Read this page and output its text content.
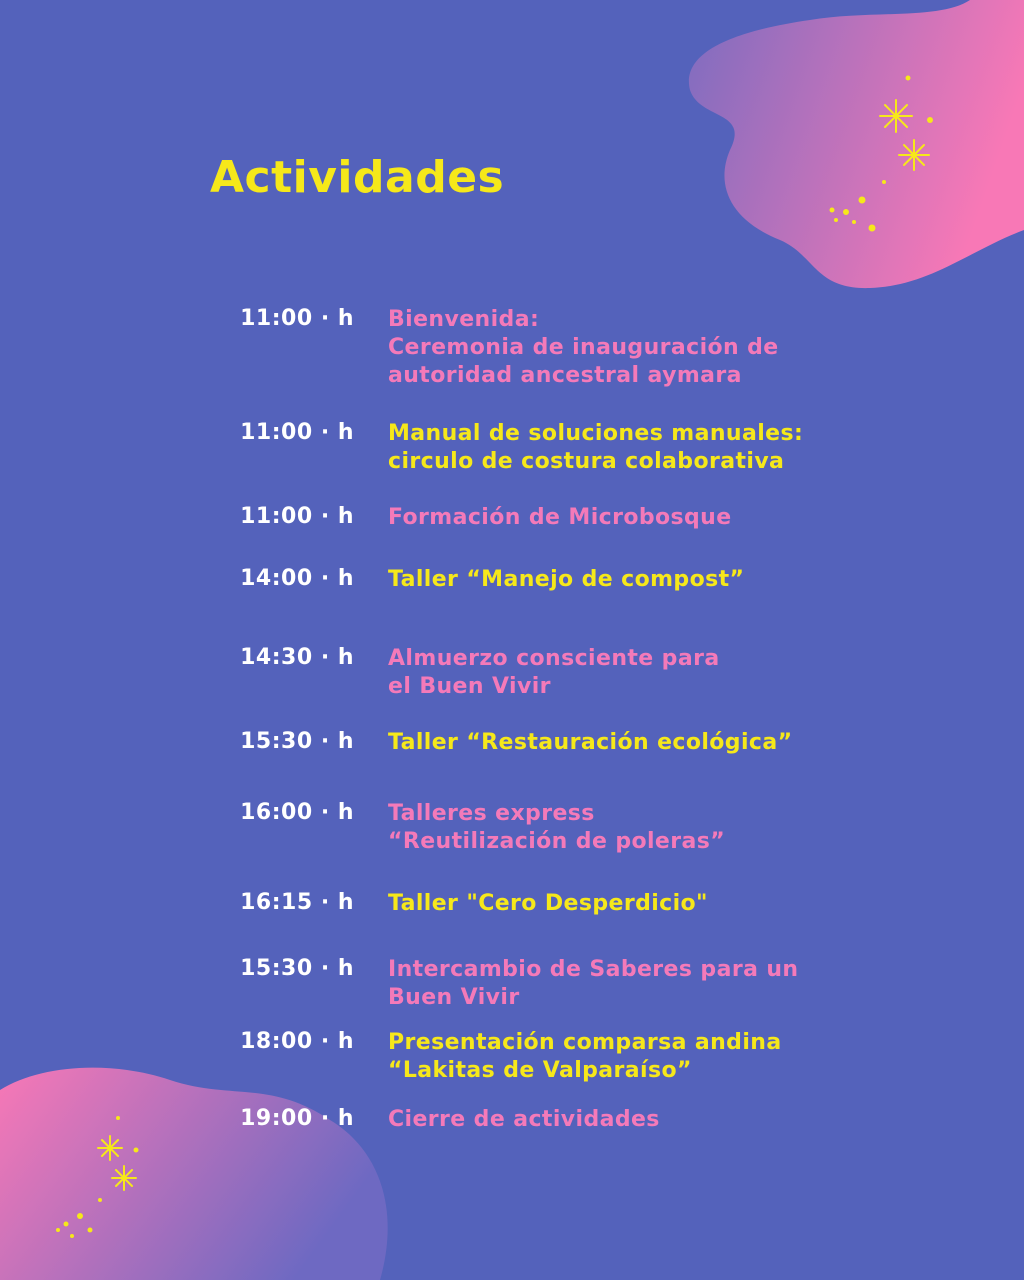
Actividades
11:00 · h Bienvenida:
Ceremonia de inauguración de
autoridad ancestral aymara

11:00 · h Manual de soluciones manuales:
circulo de costura colaborativa

11:00 · h Formación de Microbosque

14:00 · h Taller “Manejo de compost”

14:30 · h Almuerzo consciente para
el Buen Vivir

15:30 · h Taller “Restauración ecológica”

16:00 · h Talleres express
“Reutilización de poleras”

16:15 · h Taller "Cero Desperdicio"

15:30 · h Intercambio de Saberes para un
Buen Vivir

18:00 · h Presentación comparsa andina
“Lakitas de Valparaíso”

19:00 · h Cierre de actividades
